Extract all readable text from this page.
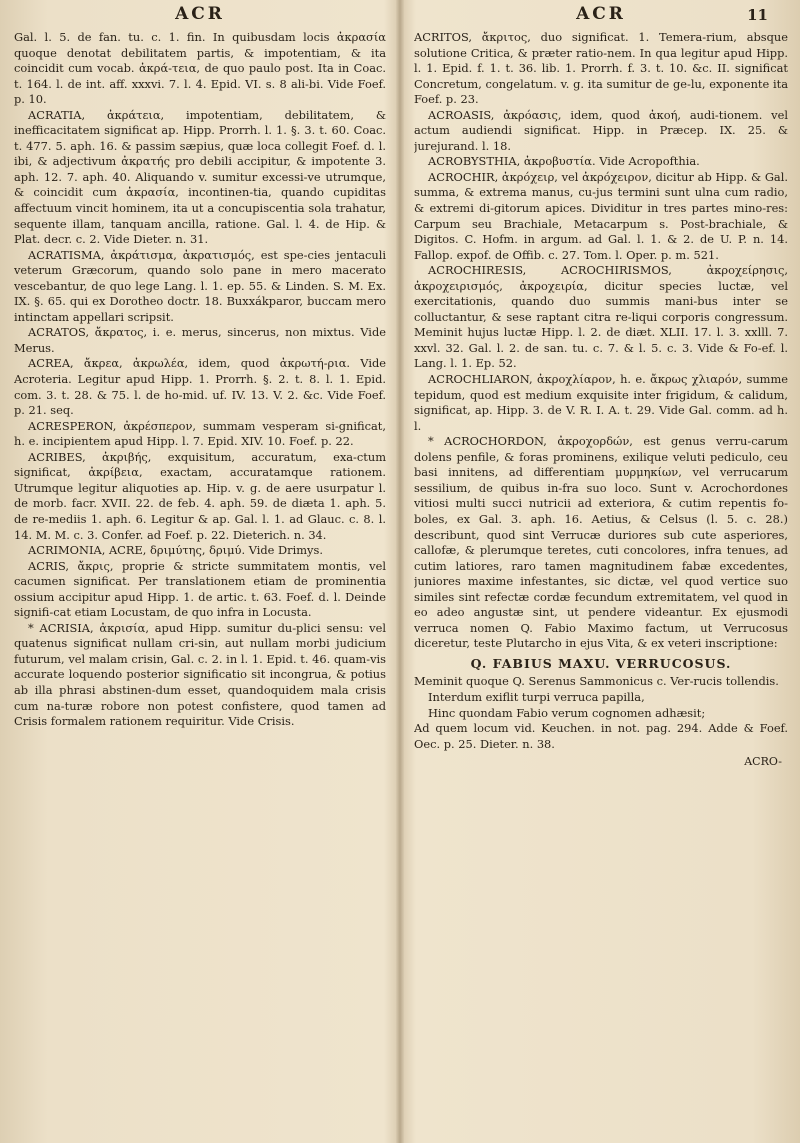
ACR

Gal. l. 5. de fan. tu. c. 1. fin. In quibusdam locis ἀκρασία quoque denotat debilitatem partis, & impotentiam, & ita coincidit cum vocab. ἀκρά-τεια, de quo paulo post. Ita in Coac. t. 164. l. de int. aff. xxxvi. 7. l. 4. Epid. VI. s. 8 ali-bi. Vide Foef. p. 10.

ACRATIA, ἀκράτεια, impotentiam, debilitatem, & inefficacitatem significat ap. Hipp. Prorrh. l. 1. §. 3. t. 60. Coac. t. 477. 5. aph. 16. & passim sæpius, quæ loca collegit Foef. d. l. ibi, & adjectivum ἀκρατής pro debili accipitur, & impotente 3. aph. 12. 7. aph. 40. Aliquando v. sumitur excessi-ve utrumque, & coincidit cum ἀκρασία, incontinen-tia, quando cupiditas affectuum vincit hominem, ita ut a concupiscentia sola trahatur, sequente illam, tanquam ancilla, ratione. Gal. l. 4. de Hip. & Plat. decr. c. 2. Vide Dieter. n. 31.

ACRATISMA, ἀκράτισμα, ἀκρατισμός, est spe-cies jentaculi veterum Græcorum, quando solo pane in mero macerato vescebantur, de quo lege Lang. l. 1. ep. 55. & Linden. S. M. Ex. IX. §. 65. qui ex Dorotheo doctr. 18. Buxxákparor, buccam mero intinctam appellari scripsit.

ACRATOS, ἄκρατος, i. e. merus, sincerus, non mixtus. Vide Merus.

ACREA, ἄκρεα, ἀκρωλέα, idem, quod ἀκρωτή-ρια. Vide Acroteria. Legitur apud Hipp. 1. Prorrh. §. 2. t. 8. l. 1. Epid. com. 3. t. 28. & 75. l. de ho-mid. uf. IV. 13. V. 2. &c. Vide Foef. p. 21. seq.

ACRESPERON, ἀκρέσπερον, summam vesperam si-gnificat, h. e. incipientem apud Hipp. l. 7. Epid. XIV. 10. Foef. p. 22.

ACRIBES, ἀκριβής, exquisitum, accuratum, exa-ctum significat, ἀκρίβεια, exactam, accuratamque rationem. Utrumque legitur aliquoties ap. Hip. v. g. de aere usurpatur l. de morb. facr. XVII. 22. de feb. 4. aph. 59. de diæta 1. aph. 5. de re-mediis 1. aph. 6. Legitur & ap. Gal. l. 1. ad Glauc. c. 8. l. 14. M. M. c. 3. Confer. ad Foef. p. 22. Dieterich. n. 34.

ACRIMONIA, ACRE, δριμύτης, δριμύ. Vide Drimys.

ACRIS, ἄκρις, proprie & stricte summitatem montis, vel cacumen significat. Per translationem etiam de prominentia ossium accipitur apud Hipp. 1. de artic. t. 63. Foef. d. l. Deinde signifi-cat etiam Locustam, de quo infra in Locusta.

* ACRISIA, ἀκρισία, apud Hipp. sumitur du-plici sensu: vel quatenus significat nullam cri-sin, aut nullam morbi judicium futurum, vel malam crisin, Gal. c. 2. in l. 1. Epid. t. 46. quam-vis accurate loquendo posterior significatio sit incongrua, & potius ab illa phrasi abstinen-dum esset, quandoquidem mala crisis cum na-turæ robore non potest confistere, quod tamen ad Crisis formalem rationem requiritur. Vide Crisis.

ACR	11

ACRITOS, ἄκριτος, duo significat. 1. Temera-rium, absque solutione Critica, & præter ratio-nem. In qua legitur apud Hipp. l. 1. Epid. f. 1. t. 36. lib. 1. Prorrh. f. 3. t. 10. &c. II. significat Concretum, congelatum. v. g. ita sumitur de ge-lu, exponente ita Foef. p. 23.

ACROASIS, ἀκρόασις, idem, quod ἀκοή, audi-tionem. vel actum audiendi significat. Hipp. in Præcep. IX. 25. & jurejurand. l. 18.

ACROBYSTHIA, ἀκροβυστία. Vide Acropofthia.

ACROCHIR, ἀκρόχειρ, vel ἀκρόχειρον, dicitur ab Hipp. & Gal. summa, & extrema manus, cu-jus termini sunt ulna cum radio, & extremi di-gitorum apices. Dividitur in tres partes mino-res: Carpum seu Brachiale, Metacarpum s. Post-brachiale, & Digitos. C. Hofm. in argum. ad Gal. l. 1. & 2. de U. P. n. 14. Fallop. expof. de Offib. c. 27. Tom. l. Oper. p. m. 521.

ACROCHIRESIS, ACROCHIRISMOS, ἀκροχείρησις, ἀκροχειρισμός, ἀκροχειρία, dicitur species luctæ, vel exercitationis, quando duo summis mani-bus inter se colluctantur, & sese raptant citra re-liqui corporis congressum. Meminit hujus luctæ Hipp. l. 2. de diæt. XLII. 17. l. 3. xxlll. 7. xxvl. 32. Gal. l. 2. de san. tu. c. 7. & l. 5. c. 3. Vide & Fo-ef. l. Lang. l. 1. Ep. 52.

ACROCHLIARON, ἀκροχλίαρον, h. e. ἄκρως χλιαρόν, summe tepidum, quod est medium exquisite inter frigidum, & calidum, significat, ap. Hipp. 3. de V. R. I. A. t. 29. Vide Gal. comm. ad h. l.

* ACROCHORDON, ἀκροχορδών, est genus verru-carum dolens penfile, & foras prominens, exilique veluti pediculo, ceu basi innitens, ad differentiam μυρμηκίων, vel verrucarum sessilium, de quibus in-fra suo loco. Sunt v. Acrochordones vitiosi multi succi nutricii ad exteriora, & cutim repentis fo-boles, ex Gal. 3. aph. 16. Aetius, & Celsus (l. 5. c. 28.) describunt, quod sint Verrucæ duriores sub cute asperiores, callofæ, & plerumque teretes, cuti concolores, infra tenues, ad cutim latiores, raro tamen magnitudinem fabæ excedentes, juniores maxime infestantes, sic dictæ, vel quod vertice suo similes sint refectæ cordæ fecundum extremitatem, vel quod in eo adeo angustæ sint, ut pendere videantur. Ex ejusmodi verruca nomen Q. Fabio Maximo factum, ut Verrucosus diceretur, teste Plutarcho in ejus Vita, & ex veteri inscriptione:

Q. FABIUS MAXU. VERRUCOSUS.

Meminit quoque Q. Serenus Sammonicus c. Ver-rucis tollendis.

Interdum exiflit turpi verruca papilla,

Hinc quondam Fabio verum cognomen adhæsit;

Ad quem locum vid. Keuchen. in not. pag. 294. Adde & Foef. Oec. p. 25. Dieter. n. 38.

ACRO-
